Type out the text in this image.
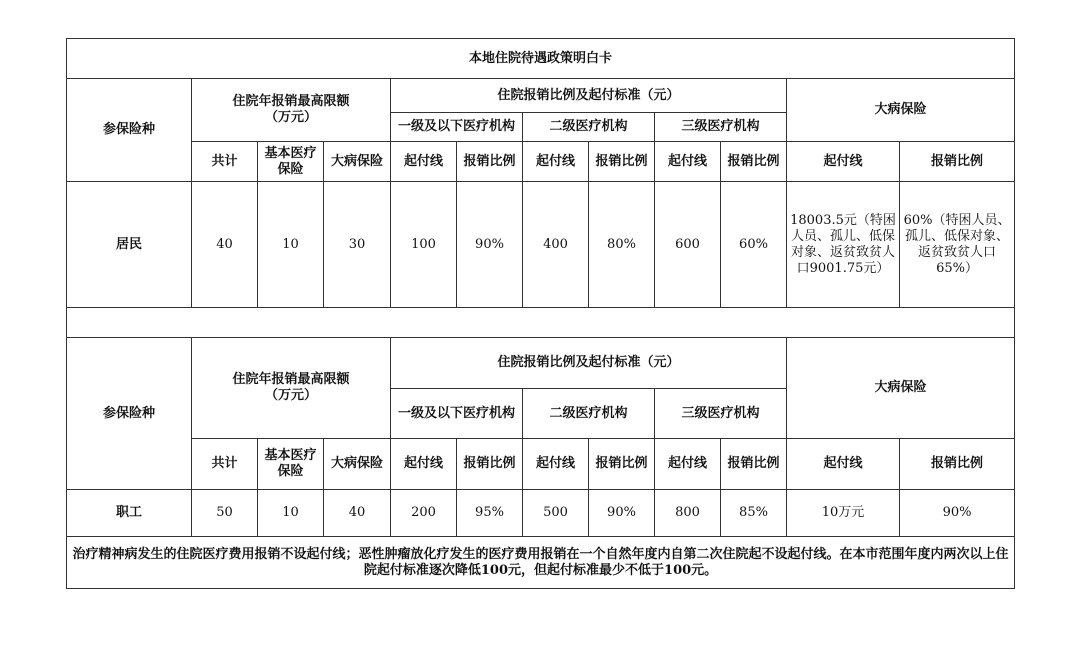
本地住院待遇政策明白卡											
参保险种	住院年报销最高限额（万元）			住院报销比例及起付标准（元）						大病保险	
				一级及以下医疗机构		二级医疗机构		三级医疗机构			
	共计	基本医疗保险	大病保险	起付线	报销比例	起付线	报销比例	起付线	报销比例	起付线	报销比例
居民	40	10	30	100	90%	400	80%	600	60%	18003.5元（特困人员、孤儿、低保对象、返贫致贫人口9001.75元）	60%（特困人员、孤儿、低保对象、返贫致贫人口65%）

参保险种	住院年报销最高限额（万元）			住院报销比例及起付标准（元）						大病保险	
				一级及以下医疗机构		二级医疗机构		三级医疗机构			
	共计	基本医疗保险	大病保险	起付线	报销比例	起付线	报销比例	起付线	报销比例	起付线	报销比例
职工	50	10	40	200	95%	500	90%	800	85%	10万元	90%
治疗精神病发生的住院医疗费用报销不设起付线；恶性肿瘤放化疗发生的医疗费用报销在一个自然年度内自第二次住院起不设起付线。在本市范围年度内两次以上住院起付标准逐次降低100元，但起付标准最少不低于100元。											
